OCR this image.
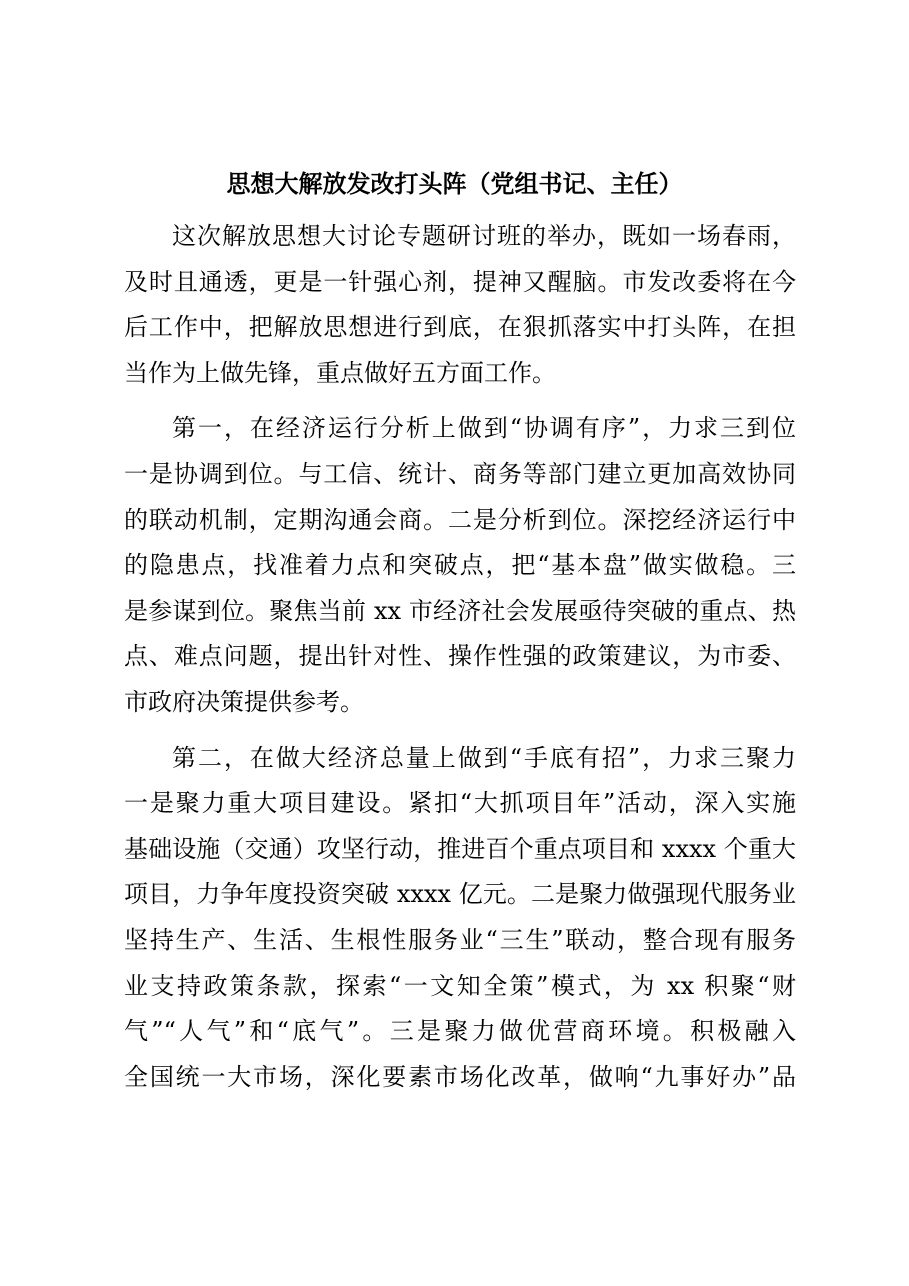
思想大解放发改打头阵（党组书记、主任）
这次解放思想大讨论专题研讨班的举办，既如一场春雨，
及时且通透，更是一针强心剂，提神又醒脑。市发改委将在今
后工作中，把解放思想进行到底，在狠抓落实中打头阵，在担
当作为上做先锋，重点做好五方面工作。
第一，在经济运行分析上做到“协调有序”，力求三到位
一是协调到位。与工信、统计、商务等部门建立更加高效协同
的联动机制，定期沟通会商。二是分析到位。深挖经济运行中
的隐患点，找准着力点和突破点，把“基本盘”做实做稳。三
是参谋到位。聚焦当前 xx 市经济社会发展亟待突破的重点、热
点、难点问题，提出针对性、操作性强的政策建议，为市委、
市政府决策提供参考。
第二，在做大经济总量上做到“手底有招”，力求三聚力
一是聚力重大项目建设。紧扣“大抓项目年”活动，深入实施
基础设施（交通）攻坚行动，推进百个重点项目和 xxxx 个重大
项目，力争年度投资突破 xxxx 亿元。二是聚力做强现代服务业
坚持生产、生活、生根性服务业“三生”联动，整合现有服务
业支持政策条款，探索“一文知全策”模式，为 xx 积聚“财
气”“人气”和“底气”。三是聚力做优营商环境。积极融入
全国统一大市场，深化要素市场化改革，做响“九事好办”品
